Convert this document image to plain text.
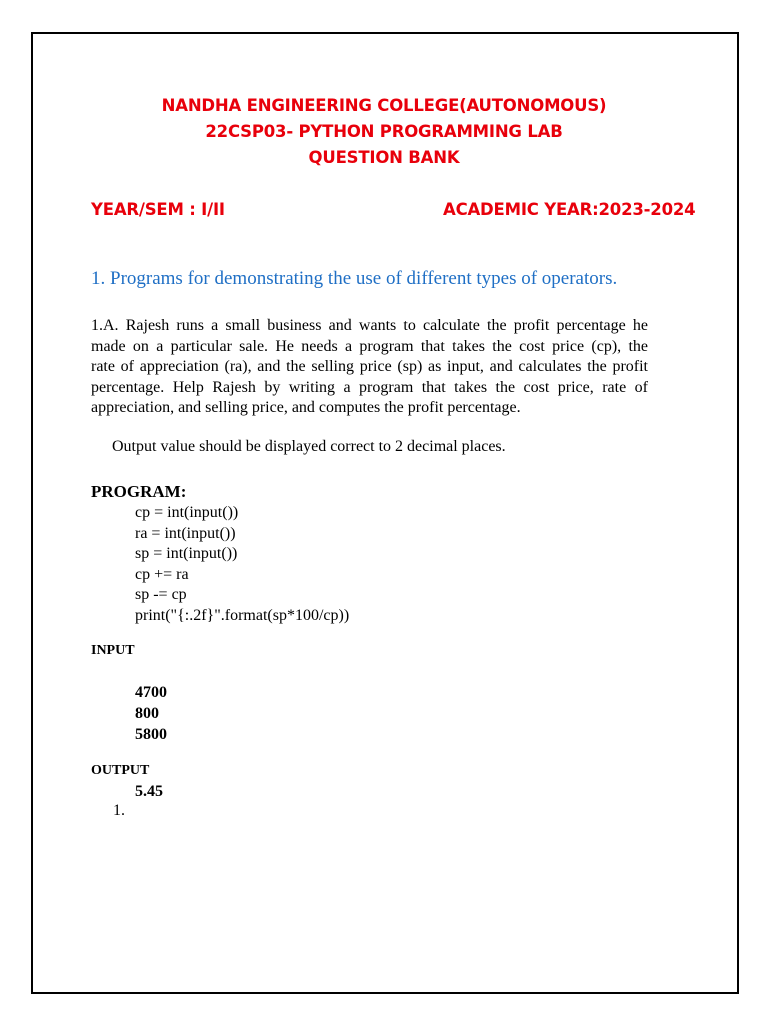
NANDHA ENGINEERING COLLEGE(AUTONOMOUS)
22CSP03- PYTHON PROGRAMMING LAB
QUESTION BANK
YEAR/SEM : I/II	ACADEMIC YEAR:2023-2024
1. Programs for demonstrating the use of different types of operators.
1.A. Rajesh runs a small business and wants to calculate the profit percentage he
made on a particular sale. He needs a program that takes the cost price (cp), the
rate of appreciation (ra), and the selling price (sp) as input, and calculates the profit
percentage. Help Rajesh by writing a program that takes the cost price, rate of
appreciation, and selling price, and computes the profit percentage.
Output value should be displayed correct to 2 decimal places.
PROGRAM:
cp = int(input())
ra = int(input())
sp = int(input())
cp += ra
sp -= cp
print("{:.2f}".format(sp*100/cp))
INPUT
4700
800
5800
OUTPUT
5.45
1.
